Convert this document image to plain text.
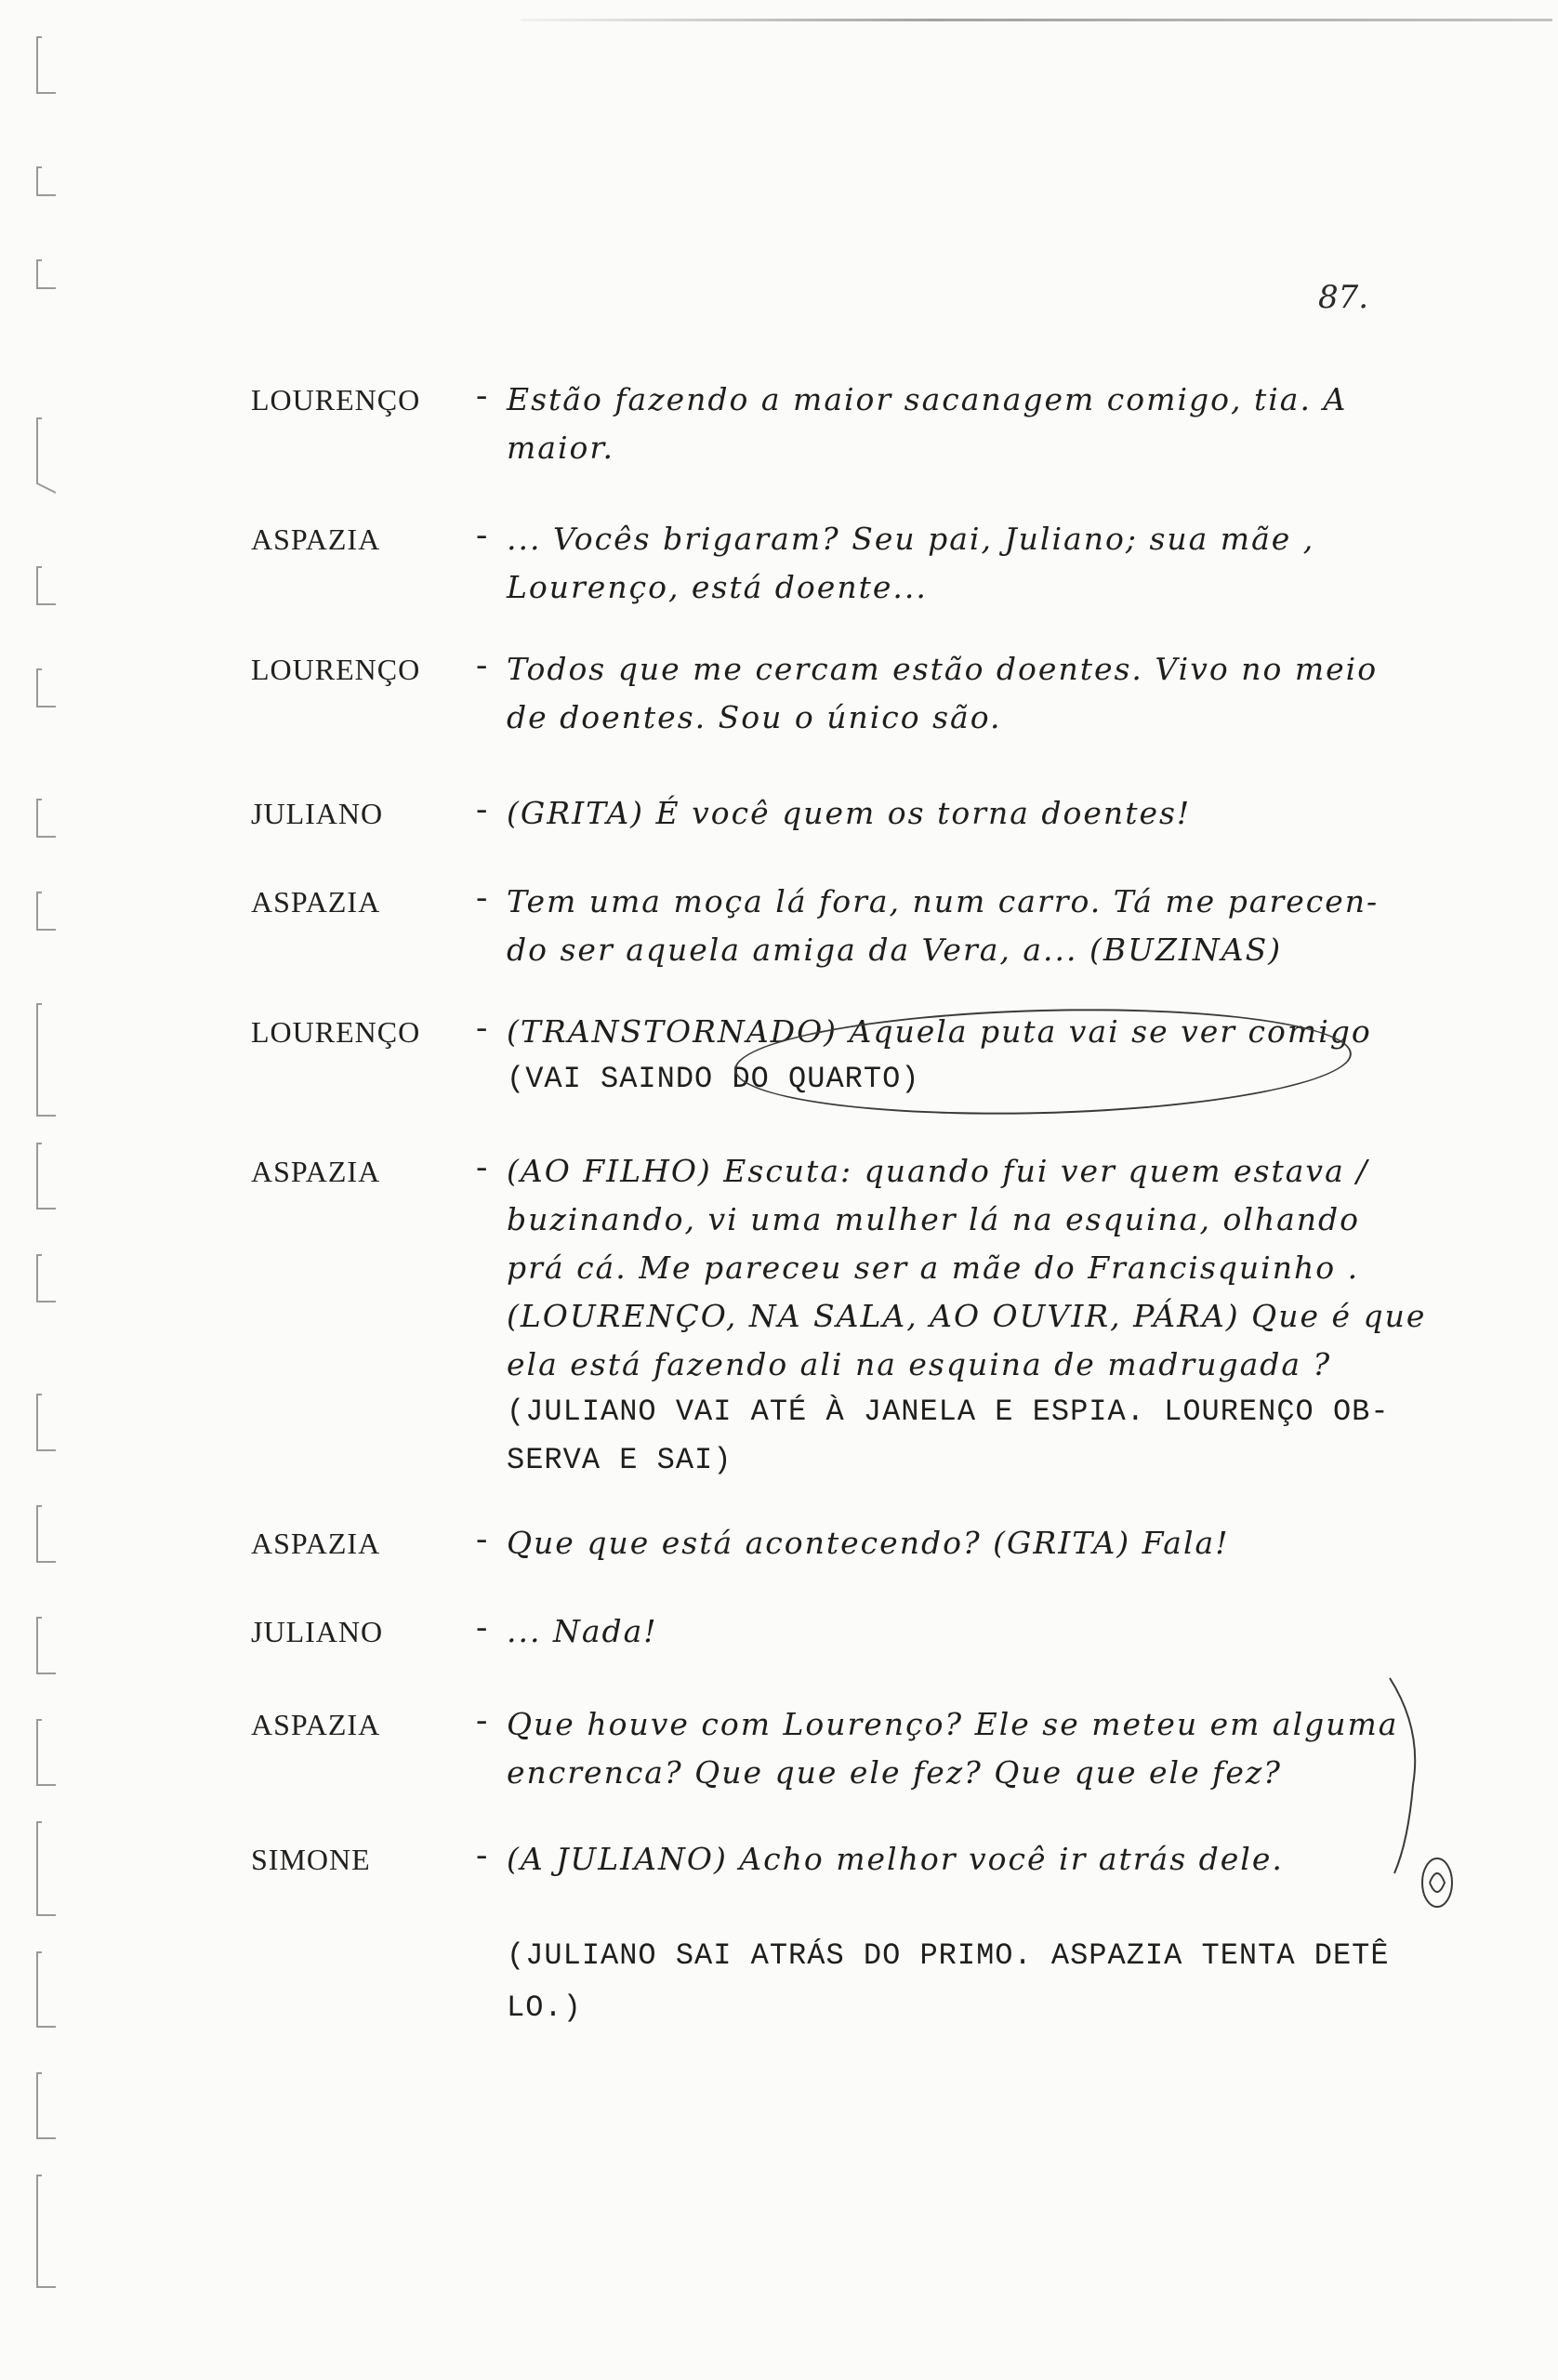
87.
LOURENÇO - Estão fazendo a maior sacanagem comigo, tia. A
maior.
ASPAZIA	- ... Vocês brigaram? Seu pai, Juliano; sua mãe ,
Lourenço, está doente...
LOURENÇO - Todos que me cercam estão doentes. Vivo no meio
de doentes. Sou o único são.
JULIANO	- (GRITA) É você quem os torna doentes!
ASPAZIA	- Tem uma moça lá fora, num carro. Tá me parecen-
do ser aquela amiga da Vera, a... (BUZINAS)
LOURENÇO - (TRANSTORNADO) Aquela puta vai se ver comigo
(VAI SAINDO DO QUARTO)
ASPAZIA	- (AO FILHO) Escuta: quando fui ver quem estava /
buzinando, vi uma mulher lá na esquina, olhando
prá cá. Me pareceu ser a mãe do Francisquinho .
(LOURENÇO, NA SALA, AO OUVIR, PÁRA) Que é que
ela está fazendo ali na esquina de madrugada ?
(JULIANO VAI ATÉ À JANELA E ESPIA. LOURENÇO OB-
SERVA E SAI)
ASPAZIA	- Que que está acontecendo? (GRITA) Fala!
JULIANO	- ... Nada!
ASPAZIA	- Que houve com Lourenço? Ele se meteu em alguma
encrenca? Que que ele fez? Que que ele fez?
SIMONE	- (A JULIANO) Acho melhor você ir atrás dele.
(JULIANO SAI ATRÁS DO PRIMO. ASPAZIA TENTA DETÊ
LO.)
